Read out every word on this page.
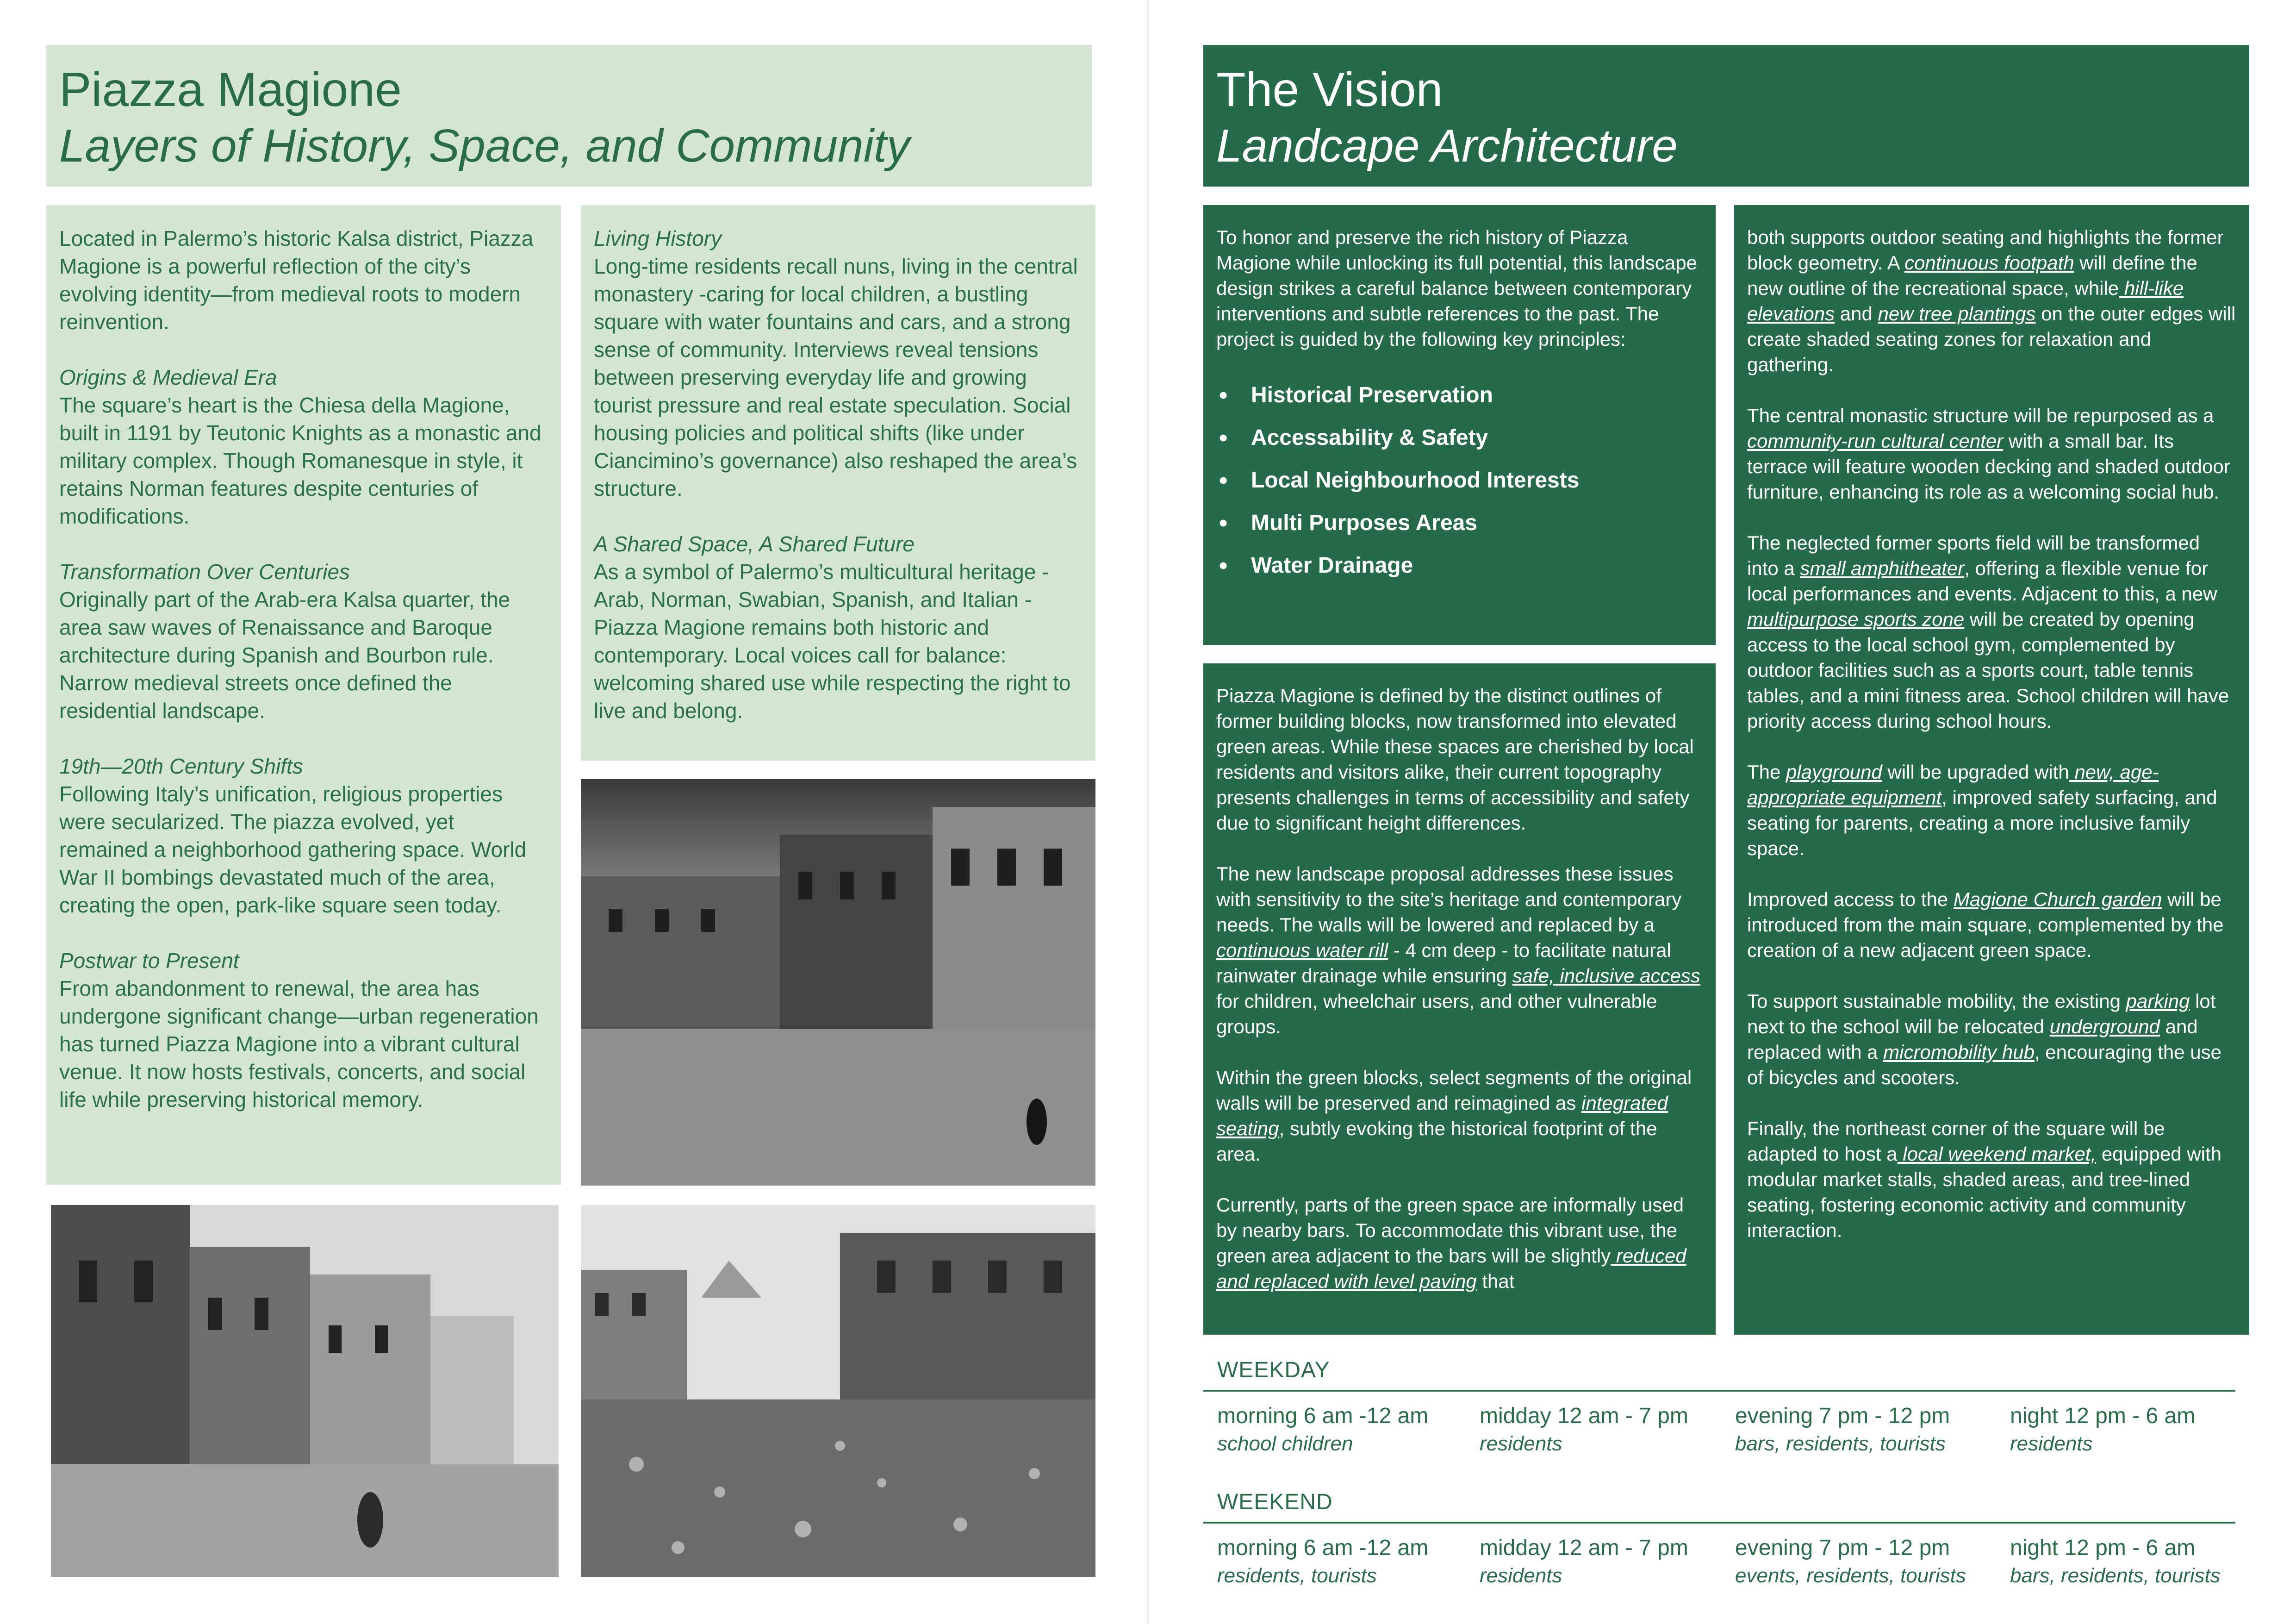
Piazza Magione
Layers of History, Space, and Community

Located in Palermo’s historic Kalsa district, Piazza Magione is a powerful reflection of the city’s evolving identity—from medieval roots to modern reinvention.

Origins & Medieval Era
The square’s heart is the Chiesa della Magione, built in 1191 by Teutonic Knights as a monastic and military complex. Though Romanesque in style, it retains Norman features despite centuries of modifications.

Transformation Over Centuries
Originally part of the Arab-era Kalsa quarter, the area saw waves of Renaissance and Baroque architecture during Spanish and Bourbon rule. Narrow medieval streets once defined the residential landscape.

19th—20th Century Shifts
Following Italy’s unification, religious properties were secularized. The piazza evolved, yet remained a neighborhood gathering space. World War II bombings devastated much of the area, creating the open, park-like square seen today.

Postwar to Present
From abandonment to renewal, the area has undergone significant change—urban regeneration has turned Piazza Magione into a vibrant cultural venue. It now hosts festivals, concerts, and social life while preserving historical memory.

Living History
Long-time residents recall nuns, living in the central monastery -caring for local children, a bustling square with water fountains and cars, and a strong sense of community. Interviews reveal tensions between preserving everyday life and growing tourist pressure and real estate speculation. Social housing policies and political shifts (like under Ciancimino’s governance) also reshaped the area’s structure.

A Shared Space, A Shared Future
As a symbol of Palermo’s multicultural heritage - Arab, Norman, Swabian, Spanish, and Italian - Piazza Magione remains both historic and contemporary. Local voices call for balance: welcoming shared use while respecting the right to live and belong.

The Vision
Landcape Architecture

To honor and preserve the rich history of Piazza Magione while unlocking its full potential, this landscape design strikes a careful balance between contemporary interventions and subtle references to the past. The project is guided by the following key principles:

• Historical Preservation
• Accessability & Safety
• Local Neighbourhood Interests
• Multi Purposes Areas
• Water Drainage

Piazza Magione is defined by the distinct outlines of former building blocks, now transformed into elevated green areas. While these spaces are cherished by local residents and visitors alike, their current topography presents challenges in terms of accessibility and safety due to significant height differences.

The new landscape proposal addresses these issues with sensitivity to the site’s heritage and contemporary needs. The walls will be lowered and replaced by a continuous water rill - 4 cm deep - to facilitate natural rainwater drainage while ensuring safe, inclusive access for children, wheelchair users, and other vulnerable groups.

Within the green blocks, select segments of the original walls will be preserved and reimagined as integrated seating, subtly evoking the historical footprint of the area.

Currently, parts of the green space are informally used by nearby bars. To accommodate this vibrant use, the green area adjacent to the bars will be slightly reduced and replaced with level paving that

both supports outdoor seating and highlights the former block geometry. A continuous footpath will define the new outline of the recreational space, while hill-like elevations and new tree plantings on the outer edges will create shaded seating zones for relaxation and gathering.

The central monastic structure will be repurposed as a community-run cultural center with a small bar. Its terrace will feature wooden decking and shaded outdoor furniture, enhancing its role as a welcoming social hub.

The neglected former sports field will be transformed into a small amphitheater, offering a flexible venue for local performances and events. Adjacent to this, a new multipurpose sports zone will be created by opening access to the local school gym, complemented by outdoor facilities such as a sports court, table tennis tables, and a mini fitness area. School children will have priority access during school hours.

The playground will be upgraded with new, age-appropriate equipment, improved safety surfacing, and seating for parents, creating a more inclusive family space.

Improved access to the Magione Church garden will be introduced from the main square, complemented by the creation of a new adjacent green space.

To support sustainable mobility, the existing parking lot next to the school will be relocated underground and replaced with a micromobility hub, encouraging the use of bicycles and scooters.

Finally, the northeast corner of the square will be adapted to host a local weekend market, equipped with modular market stalls, shaded areas, and tree-lined seating, fostering economic activity and community interaction.

WEEKDAY
morning 6 am -12 am
school children
midday 12 am - 7 pm
residents
evening 7 pm - 12 pm
bars, residents, tourists
night 12 pm - 6 am
residents
WEEKEND
morning 6 am -12 am
residents, tourists
midday 12 am - 7 pm
residents
evening 7 pm - 12 pm
events, residents, tourists
night 12 pm - 6 am
bars, residents, tourists
